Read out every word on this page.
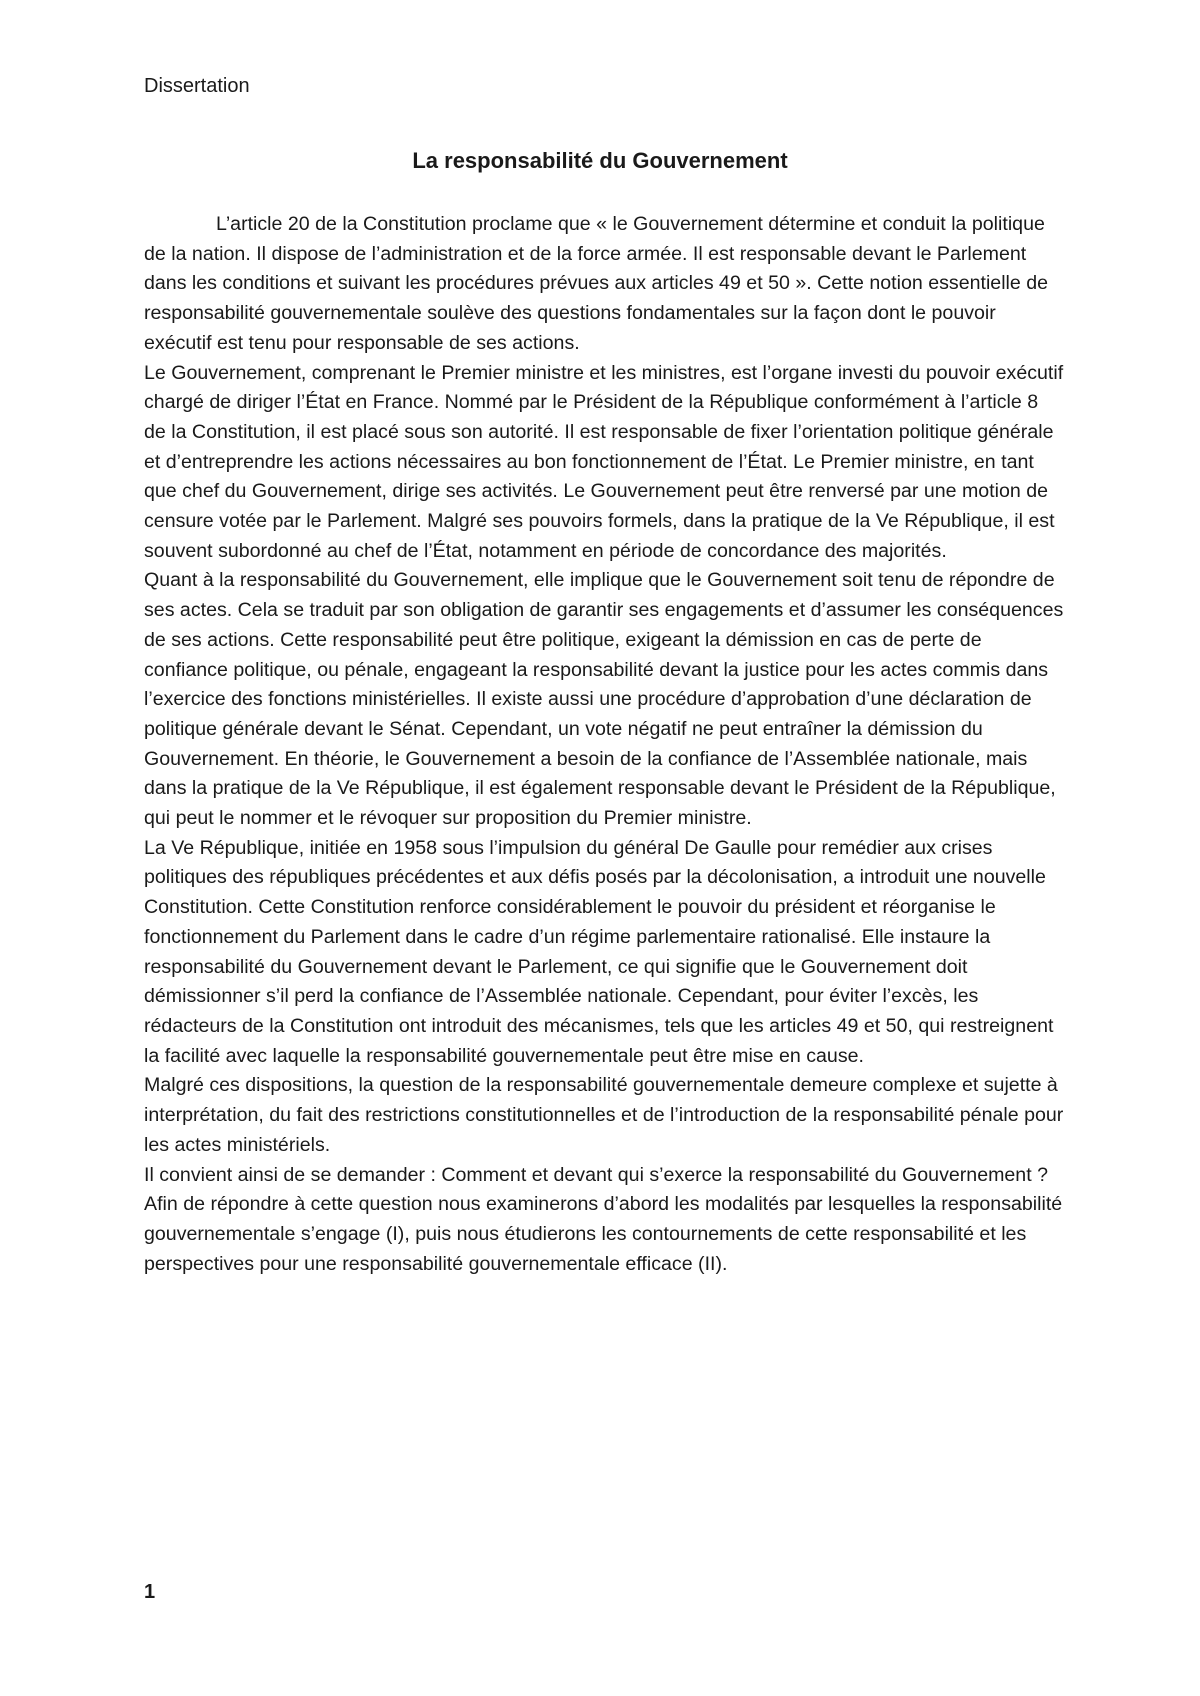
Dissertation
La responsabilité du Gouvernement

L’article 20 de la Constitution proclame que « le Gouvernement détermine et conduit la politique de la nation. Il dispose de l’administration et de la force armée. Il est responsable devant le Parlement dans les conditions et suivant les procédures prévues aux articles 49 et 50 ». Cette notion essentielle de responsabilité gouvernementale soulève des questions fondamentales sur la façon dont le pouvoir exécutif est tenu pour responsable de ses actions.

Le Gouvernement, comprenant le Premier ministre et les ministres, est l’organe investi du pouvoir exécutif chargé de diriger l’État en France. Nommé par le Président de la République conformément à l’article 8 de la Constitution, il est placé sous son autorité. Il est responsable de fixer l’orientation politique générale et d’entreprendre les actions nécessaires au bon fonctionnement de l’État. Le Premier ministre, en tant que chef du Gouvernement, dirige ses activités. Le Gouvernement peut être renversé par une motion de censure votée par le Parlement. Malgré ses pouvoirs formels, dans la pratique de la Ve République, il est souvent subordonné au chef de l’État, notamment en période de concordance des majorités.

Quant à la responsabilité du Gouvernement, elle implique que le Gouvernement soit tenu de répondre de ses actes. Cela se traduit par son obligation de garantir ses engagements et d’assumer les conséquences de ses actions. Cette responsabilité peut être politique, exigeant la démission en cas de perte de confiance politique, ou pénale, engageant la responsabilité devant la justice pour les actes commis dans l’exercice des fonctions ministérielles. Il existe aussi une procédure d’approbation d’une déclaration de politique générale devant le Sénat. Cependant, un vote négatif ne peut entraîner la démission du Gouvernement. En théorie, le Gouvernement a besoin de la confiance de l’Assemblée nationale, mais dans la pratique de la Ve République, il est également responsable devant le Président de la République, qui peut le nommer et le révoquer sur proposition du Premier ministre.

La Ve République, initiée en 1958 sous l’impulsion du général De Gaulle pour remédier aux crises politiques des républiques précédentes et aux défis posés par la décolonisation, a introduit une nouvelle Constitution. Cette Constitution renforce considérablement le pouvoir du président et réorganise le fonctionnement du Parlement dans le cadre d’un régime parlementaire rationalisé. Elle instaure la responsabilité du Gouvernement devant le Parlement, ce qui signifie que le Gouvernement doit démissionner s’il perd la confiance de l’Assemblée nationale. Cependant, pour éviter l’excès, les rédacteurs de la Constitution ont introduit des mécanismes, tels que les articles 49 et 50, qui restreignent la facilité avec laquelle la responsabilité gouvernementale peut être mise en cause.

Malgré ces dispositions, la question de la responsabilité gouvernementale demeure complexe et sujette à interprétation, du fait des restrictions constitutionnelles et de l’introduction de la responsabilité pénale pour les actes ministériels.

Il convient ainsi de se demander : Comment et devant qui s’exerce la responsabilité du Gouvernement ?

Afin de répondre à cette question nous examinerons d’abord les modalités par lesquelles la responsabilité gouvernementale s’engage (I), puis nous étudierons les contournements de cette responsabilité et les perspectives pour une responsabilité gouvernementale efficace (II).

1
